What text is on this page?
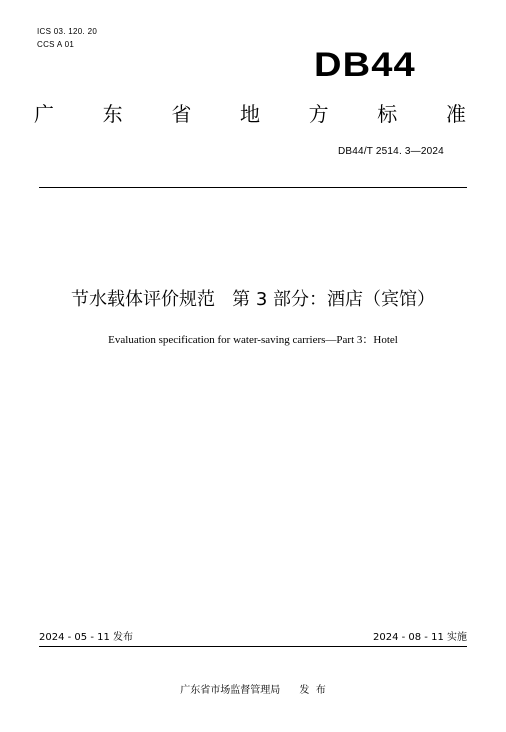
ICS 03. 120. 20
CCS A 01
DB44
广 东 省 地 方 标 准
DB44/T 2514. 3—2024
节水载体评价规范   第 3 部分：酒店（宾馆）
Evaluation specification for water-saving carriers—Part 3：Hotel
2024 - 05 - 11 发布	2024 - 08 - 11 实施
广东省市场监督管理局      发  布
